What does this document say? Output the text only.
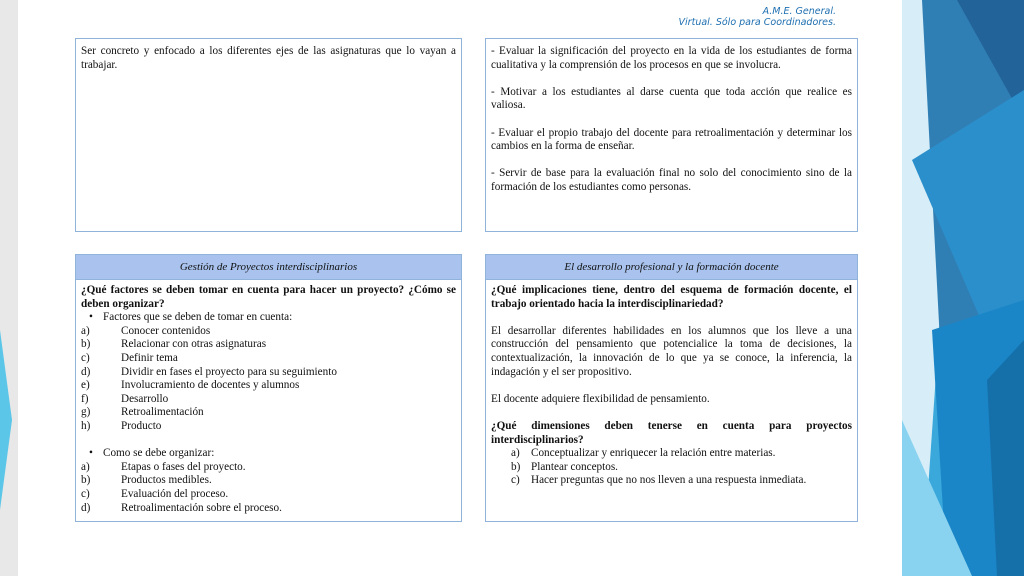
A.M.E. General.
Virtual. Sólo para Coordinadores.
Ser concreto y enfocado a los diferentes ejes de las asignaturas que lo vayan a trabajar.

- Evaluar la significación del proyecto en la vida de los estudiantes de forma cualitativa y la comprensión de los procesos en que se involucra.

- Motivar a los estudiantes al darse cuenta que toda acción que realice es valiosa.

- Evaluar el propio trabajo del docente para retroalimentación y determinar los cambios en la forma de enseñar.

- Servir de base para la evaluación final no solo del conocimiento sino de la formación de los estudiantes como personas.

Gestión de Proyectos interdisciplinarios

¿Qué factores se deben tomar en cuenta para hacer un proyecto? ¿Cómo se deben organizar?

• Factores que se deben de tomar en cuenta:
a)	Conocer contenidos
b)	Relacionar con otras asignaturas
c)	Definir tema
d)	Dividir en fases el proyecto para su seguimiento
e)	Involucramiento de docentes y alumnos
f)	Desarrollo
g)	Retroalimentación
h)	Producto
• Como se debe organizar:
a)	Etapas o fases del proyecto.
b)	Productos medibles.
c)	Evaluación del proceso.
d)	Retroalimentación sobre el proceso.
El desarrollo profesional y la formación docente

¿Qué implicaciones tiene, dentro del esquema de formación docente, el trabajo orientado hacia la interdisciplinariedad?

El desarrollar diferentes habilidades en los alumnos que los lleve a una construcción del pensamiento que potencialice la toma de decisiones, la contextualización, la innovación de lo que ya se conoce, la inferencia, la indagación y el ser propositivo.

El docente adquiere flexibilidad de pensamiento.

¿Qué dimensiones deben tenerse en cuenta para proyectos interdisciplinarios?

a)	Conceptualizar y enriquecer la relación entre materias.
b) Plantear conceptos.
c)	Hacer preguntas que no nos lleven a una respuesta inmediata.
